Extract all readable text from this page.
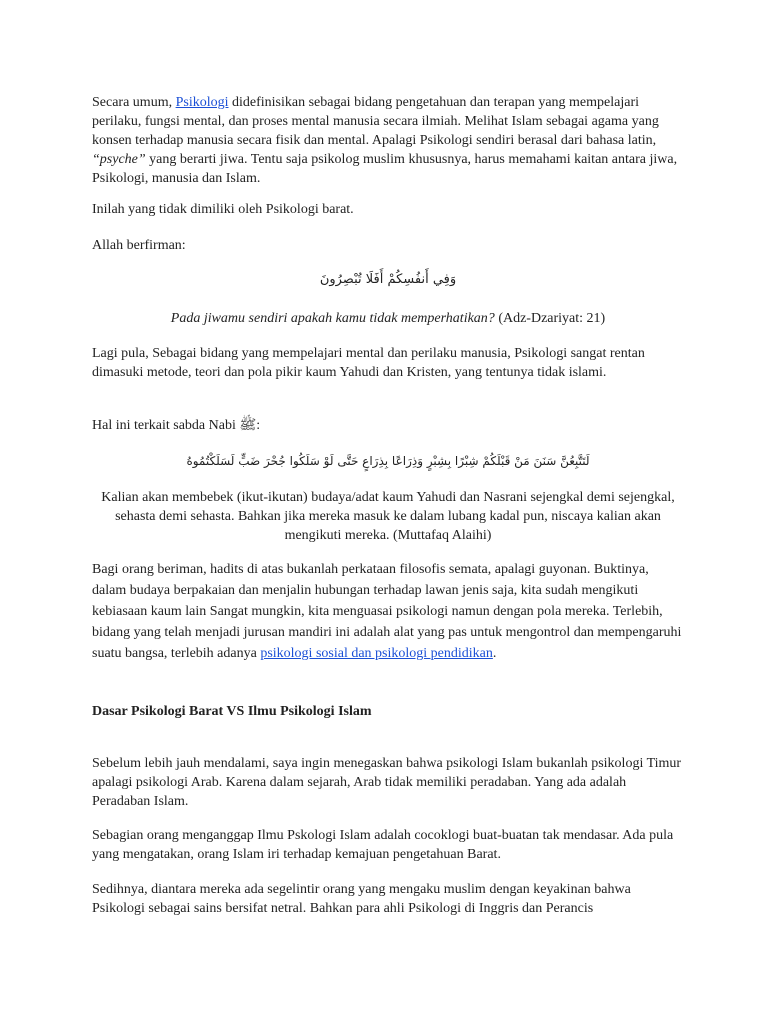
Secara umum, Psikologi didefinisikan sebagai bidang pengetahuan dan terapan yang mempelajari perilaku, fungsi mental, dan proses mental manusia secara ilmiah. Melihat Islam sebagai agama yang konsen terhadap manusia secara fisik dan mental. Apalagi Psikologi sendiri berasal dari bahasa latin, “psyche” yang berarti jiwa. Tentu saja psikolog muslim khususnya, harus memahami kaitan antara jiwa, Psikologi, manusia dan Islam.

Inilah yang tidak dimiliki oleh Psikologi barat.

Allah berfirman:

وَفِي أَنفُسِكُمْ أَفَلَا تُبْصِرُونَ

Pada jiwamu sendiri apakah kamu tidak memperhatikan? (Adz-Dzariyat: 21)

Lagi pula, Sebagai bidang yang mempelajari mental dan perilaku manusia, Psikologi sangat rentan dimasuki metode, teori dan pola pikir kaum Yahudi dan Kristen, yang tentunya tidak islami.

Hal ini terkait sabda Nabi ﷺ:

لَتَتَّبِعُنَّ سَنَنَ مَنْ قَبْلَكُمْ شِبْرًا بِشِبْرٍ وَذِرَاعًا بِذِرَاعٍ حَتَّى لَوْ سَلَكُوا جُحْرَ ضَبٍّ لَسَلَكْتُمُوهُ

Kalian akan membebek (ikut-ikutan) budaya/adat kaum Yahudi dan Nasrani sejengkal demi sejengkal, sehasta demi sehasta. Bahkan jika mereka masuk ke dalam lubang kadal pun, niscaya kalian akan mengikuti mereka. (Muttafaq Alaihi)

Bagi orang beriman, hadits di atas bukanlah perkataan filosofis semata, apalagi guyonan. Buktinya, dalam budaya berpakaian dan menjalin hubungan terhadap lawan jenis saja, kita sudah mengikuti kebiasaan kaum lain Sangat mungkin, kita menguasai psikologi namun dengan pola mereka. Terlebih, bidang yang telah menjadi jurusan mandiri ini adalah alat yang pas untuk mengontrol dan mempengaruhi suatu bangsa, terlebih adanya psikologi sosial dan psikologi pendidikan.

Dasar Psikologi Barat VS Ilmu Psikologi Islam

Sebelum lebih jauh mendalami, saya ingin menegaskan bahwa psikologi Islam bukanlah psikologi Timur apalagi psikologi Arab. Karena dalam sejarah, Arab tidak memiliki peradaban. Yang ada adalah Peradaban Islam.

Sebagian orang menganggap Ilmu Pskologi Islam adalah cocoklogi buat-buatan tak mendasar. Ada pula yang mengatakan, orang Islam iri terhadap kemajuan pengetahuan Barat.

Sedihnya, diantara mereka ada segelintir orang yang mengaku muslim dengan keyakinan bahwa Psikologi sebagai sains bersifat netral. Bahkan para ahli Psikologi di Inggris dan Perancis
